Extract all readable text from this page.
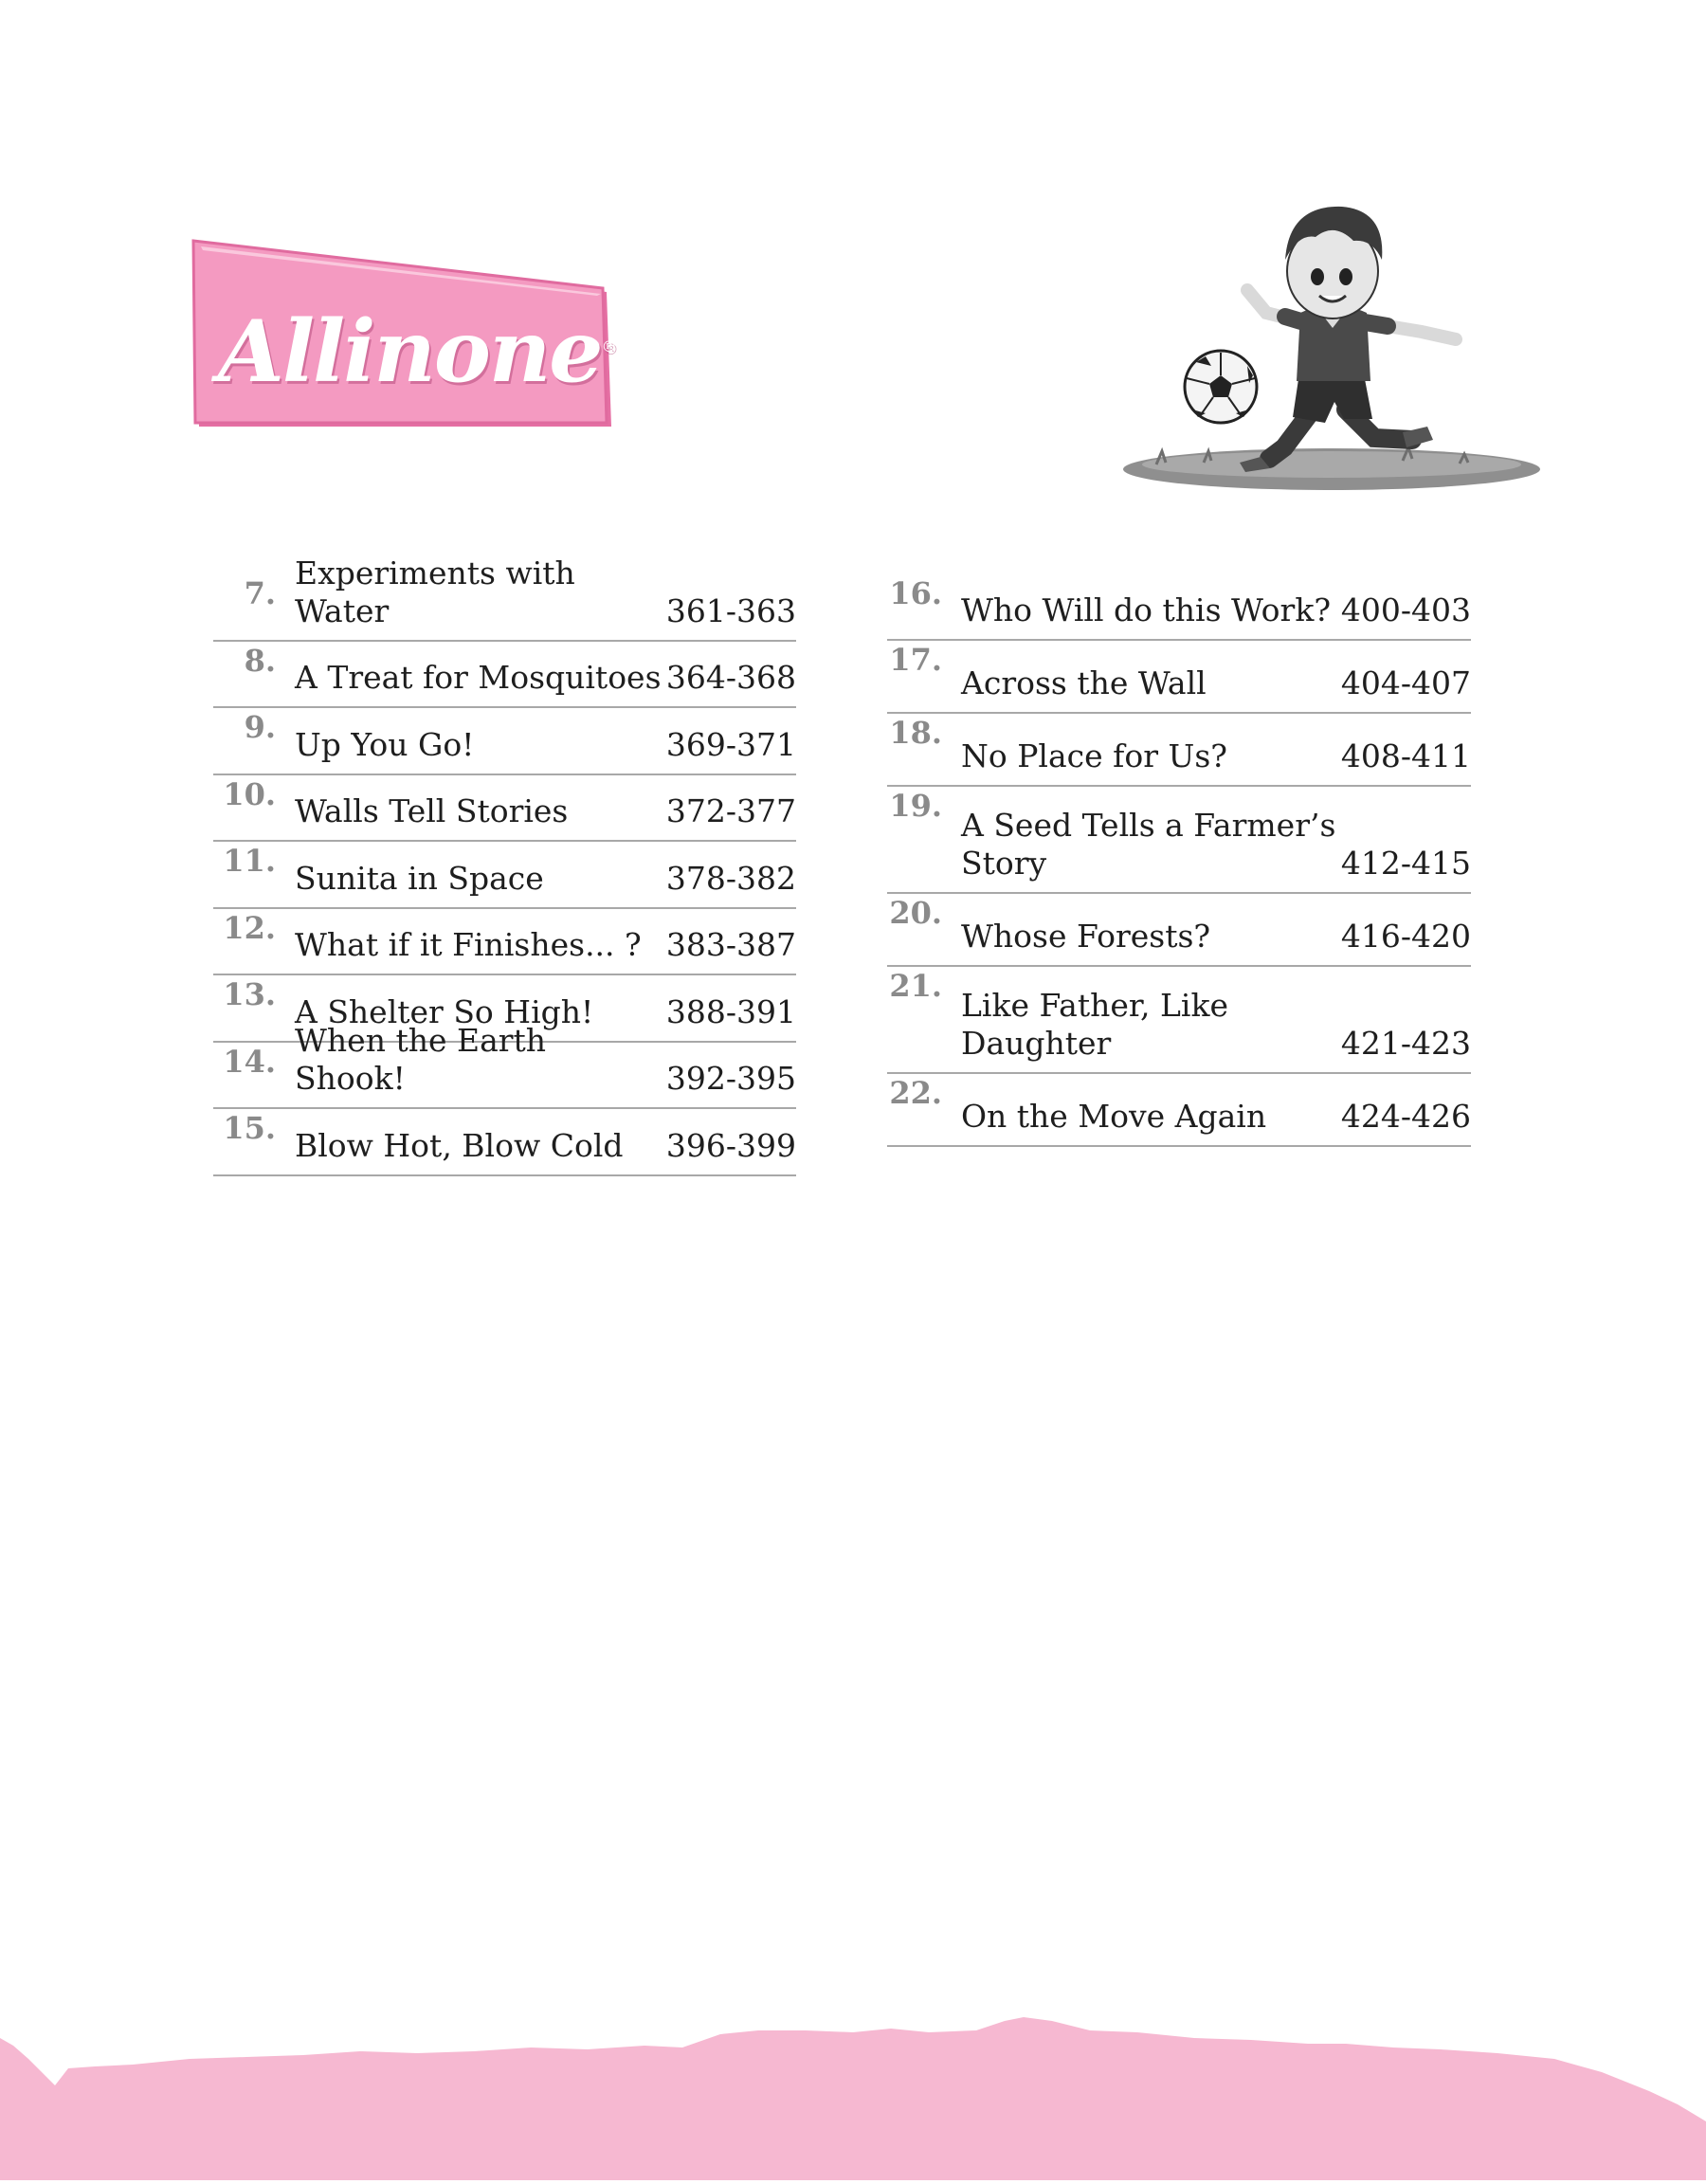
Allinone®
7.
Experiments with Water	361-363
8. A Treat for Mosquitoes 364-368
9. Up You Go!	369-371
10. Walls Tell Stories	372-377
11. Sunita in Space	378-382
12. What if it Finishes... ? 383-387
13. A Shelter So High!	388-391
14.
When the Earth Shook!	392-395
15. Blow Hot, Blow Cold	396-399
16. Who Will do this Work? 400-403
17.
Across the Wall	404-407
18.
No Place for Us?	408-411
19.
A Seed Tells a Farmer’s
Story	412-415
20.
Whose Forests?	416-420
21.
Like Father, Like
Daughter	421-423
22.
On the Move Again	424-426
